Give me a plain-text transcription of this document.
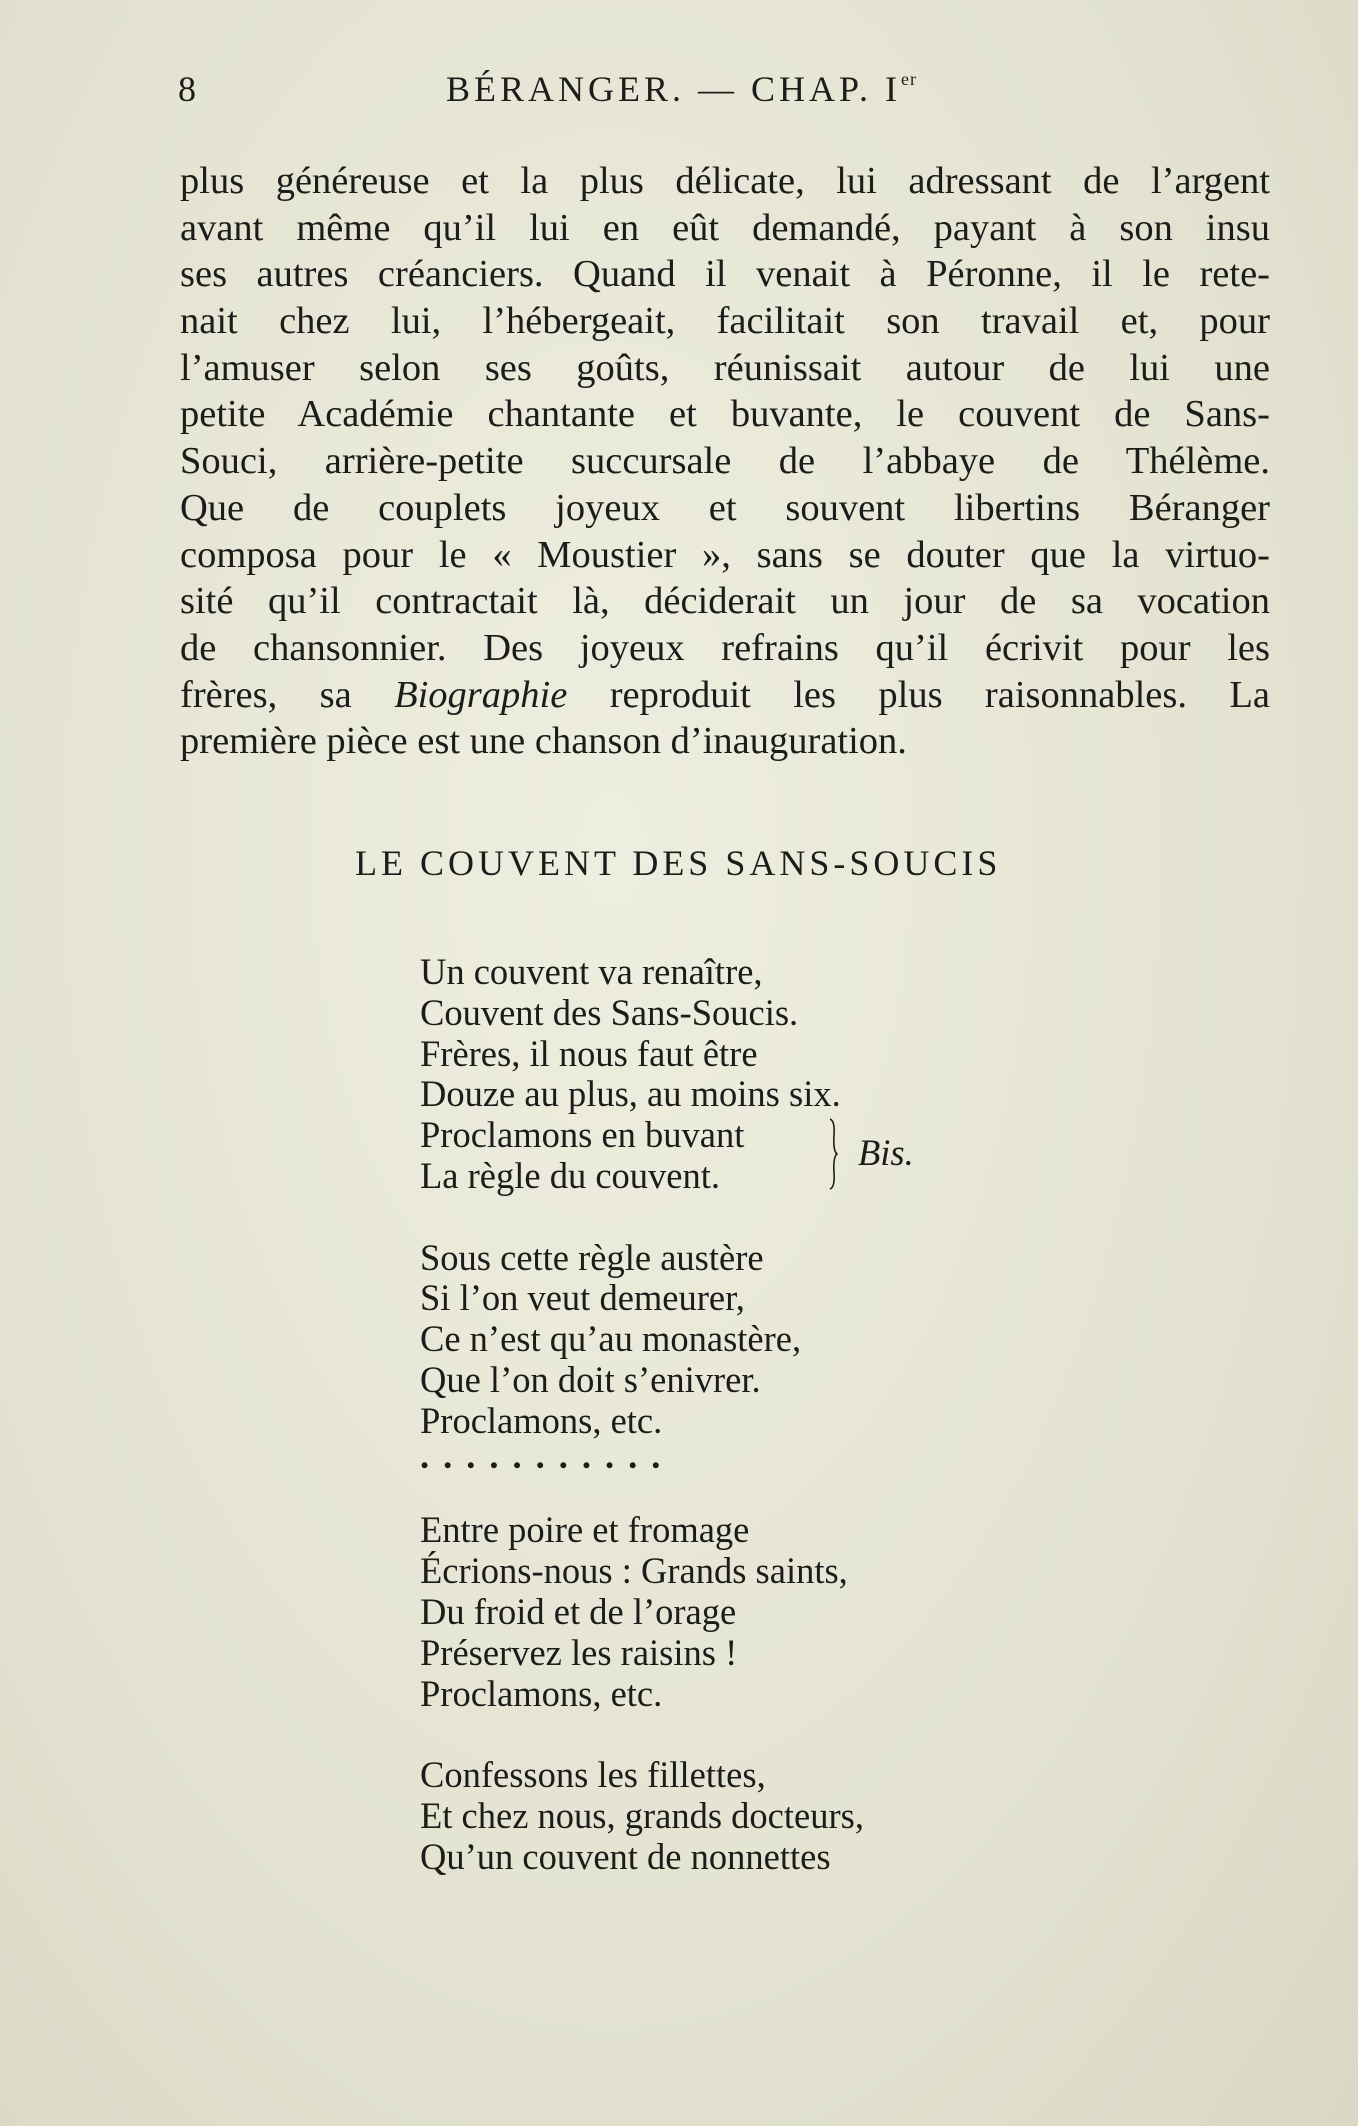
8	BÉRANGER. — CHAP. Ier
plus généreuse et la plus délicate, lui adressant de l’argent
avant même qu’il lui en eût demandé, payant à son insu
ses autres créanciers. Quand il venait à Péronne, il le rete-
nait chez lui, l’hébergeait, facilitait son travail et, pour
l’amuser selon ses goûts, réunissait autour de lui une
petite Académie chantante et buvante, le couvent de Sans-
Souci, arrière-petite succursale de l’abbaye de Thélème.
Que de couplets joyeux et souvent libertins Béranger
composa pour le « Moustier », sans se douter que la virtuo-
sité qu’il contractait là, déciderait un jour de sa vocation
de chansonnier. Des joyeux refrains qu’il écrivit pour les
frères, sa Biographie reproduit les plus raisonnables. La
première pièce est une chanson d’inauguration.
LE COUVENT DES SANS-SOUCIS
Un couvent va renaître,
Couvent des Sans-Soucis.
Frères, il nous faut être
Douze au plus, au moins six.
Proclamons en buvant
La règle du couvent.
Bis.
Sous cette règle austère
Si l’on veut demeurer,
Ce n’est qu’au monastère,
Que l’on doit s’enivrer.
Proclamons, etc.
...........
Entre poire et fromage
Écrions-nous : Grands saints,
Du froid et de l’orage
Préservez les raisins !
Proclamons, etc.
Confessons les fillettes,
Et chez nous, grands docteurs,
Qu’un couvent de nonnettes
